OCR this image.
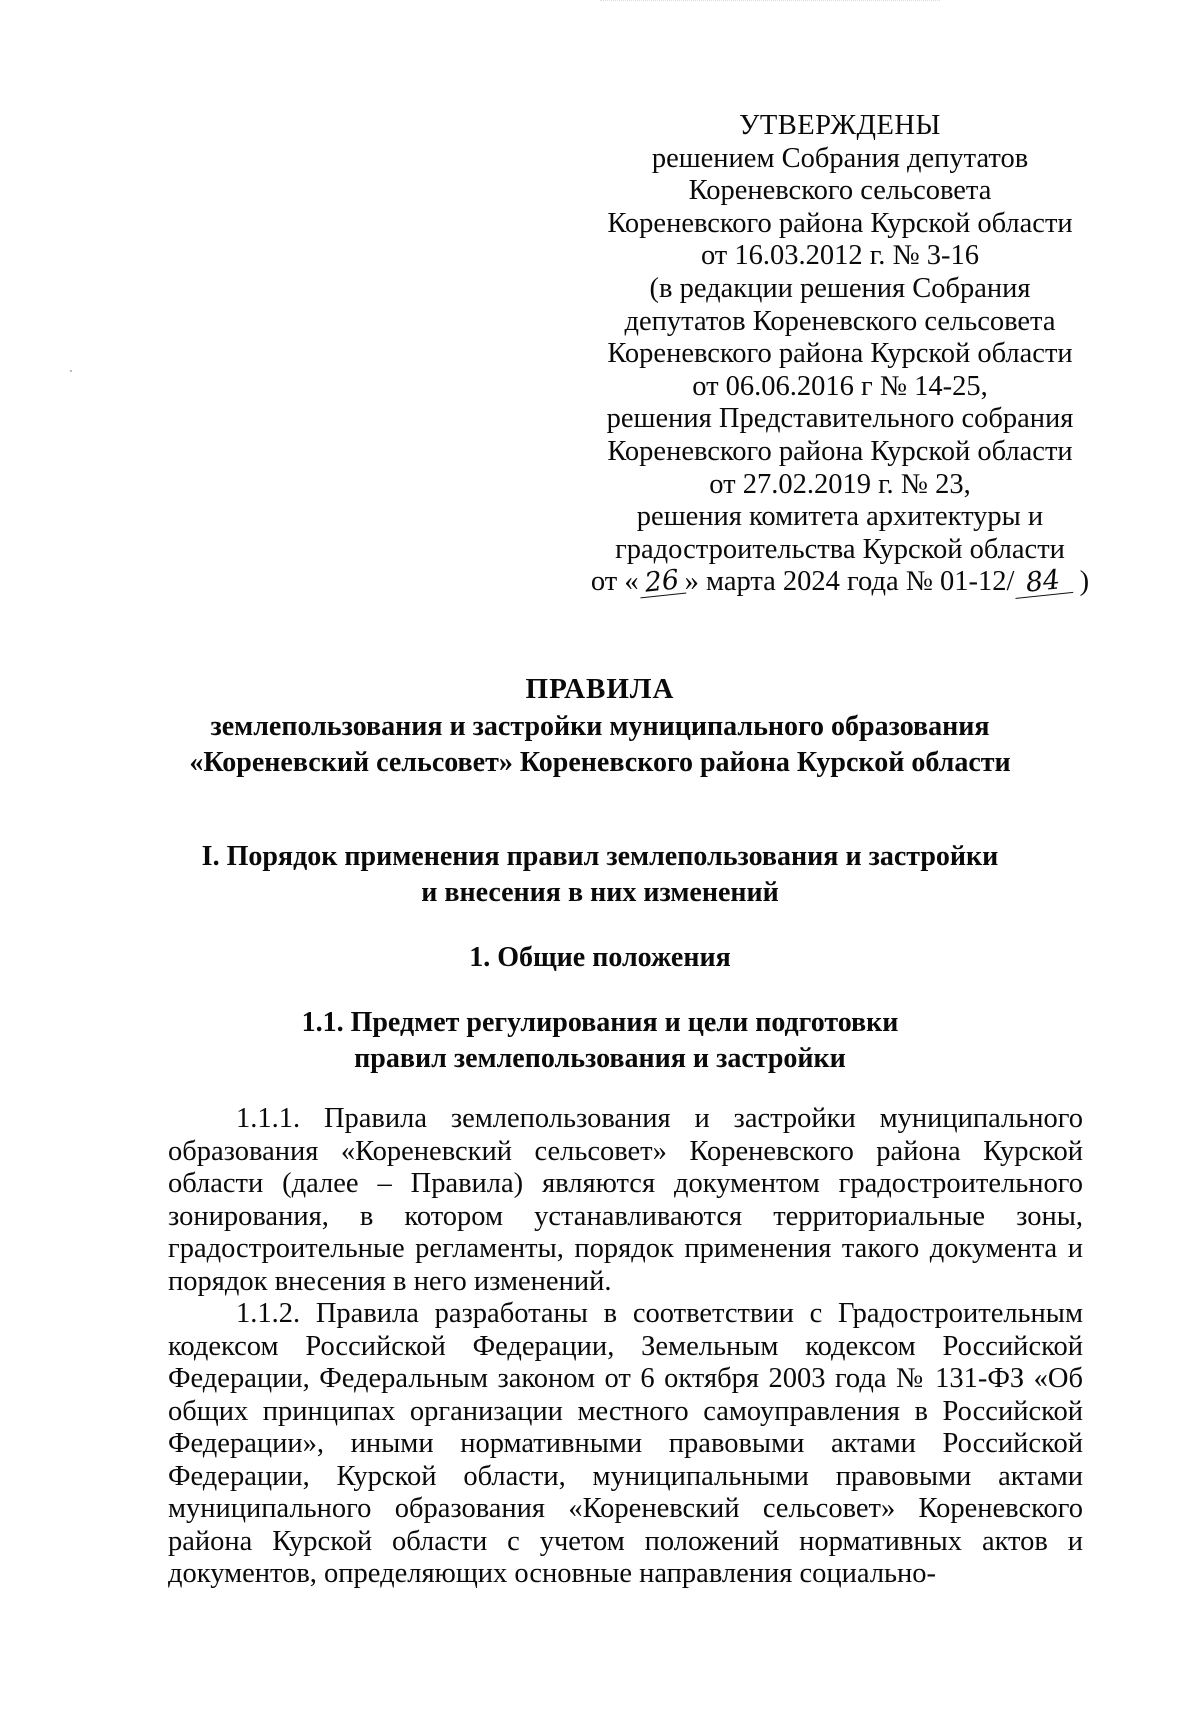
УТВЕРЖДЕНЫ
решением Собрания депутатов
Кореневского сельсовета
Кореневского района Курской области
от 16.03.2012 г. № 3-16
(в редакции решения Собрания
депутатов Кореневского сельсовета
Кореневского района Курской области
от 06.06.2016 г № 14-25,
решения Представительного собрания
Кореневского района Курской области
от 27.02.2019 г. № 23,
решения комитета архитектуры и
градостроительства Курской области
от « 26 » марта 2024 года № 01-12/ 84 )
ПРАВИЛА
землепользования и застройки муниципального образования
«Кореневский сельсовет» Кореневского района Курской области
I. Порядок применения правил землепользования и застройки
и внесения в них изменений
1. Общие положения
1.1. Предмет регулирования и цели подготовки
правил землепользования и застройки

1.1.1. Правила землепользования и застройки муниципального образования «Кореневский сельсовет» Кореневского района Курской области (далее – Правила) являются документом градостроительного зонирования, в котором устанавливаются территориальные зоны, градостроительные регламенты, порядок применения такого документа и порядок внесения в него изменений.

1.1.2. Правила разработаны в соответствии с Градостроительным кодексом Российской Федерации, Земельным кодексом Российской Федерации, Федеральным законом от 6 октября 2003 года № 131-ФЗ «Об общих принципах организации местного самоуправления в Российской Федерации», иными нормативными правовыми актами Российской Федерации, Курской области, муниципальными правовыми актами муниципального образования «Кореневский сельсовет» Кореневского района Курской области с учетом положений нормативных актов и документов, определяющих основные направления социально-
